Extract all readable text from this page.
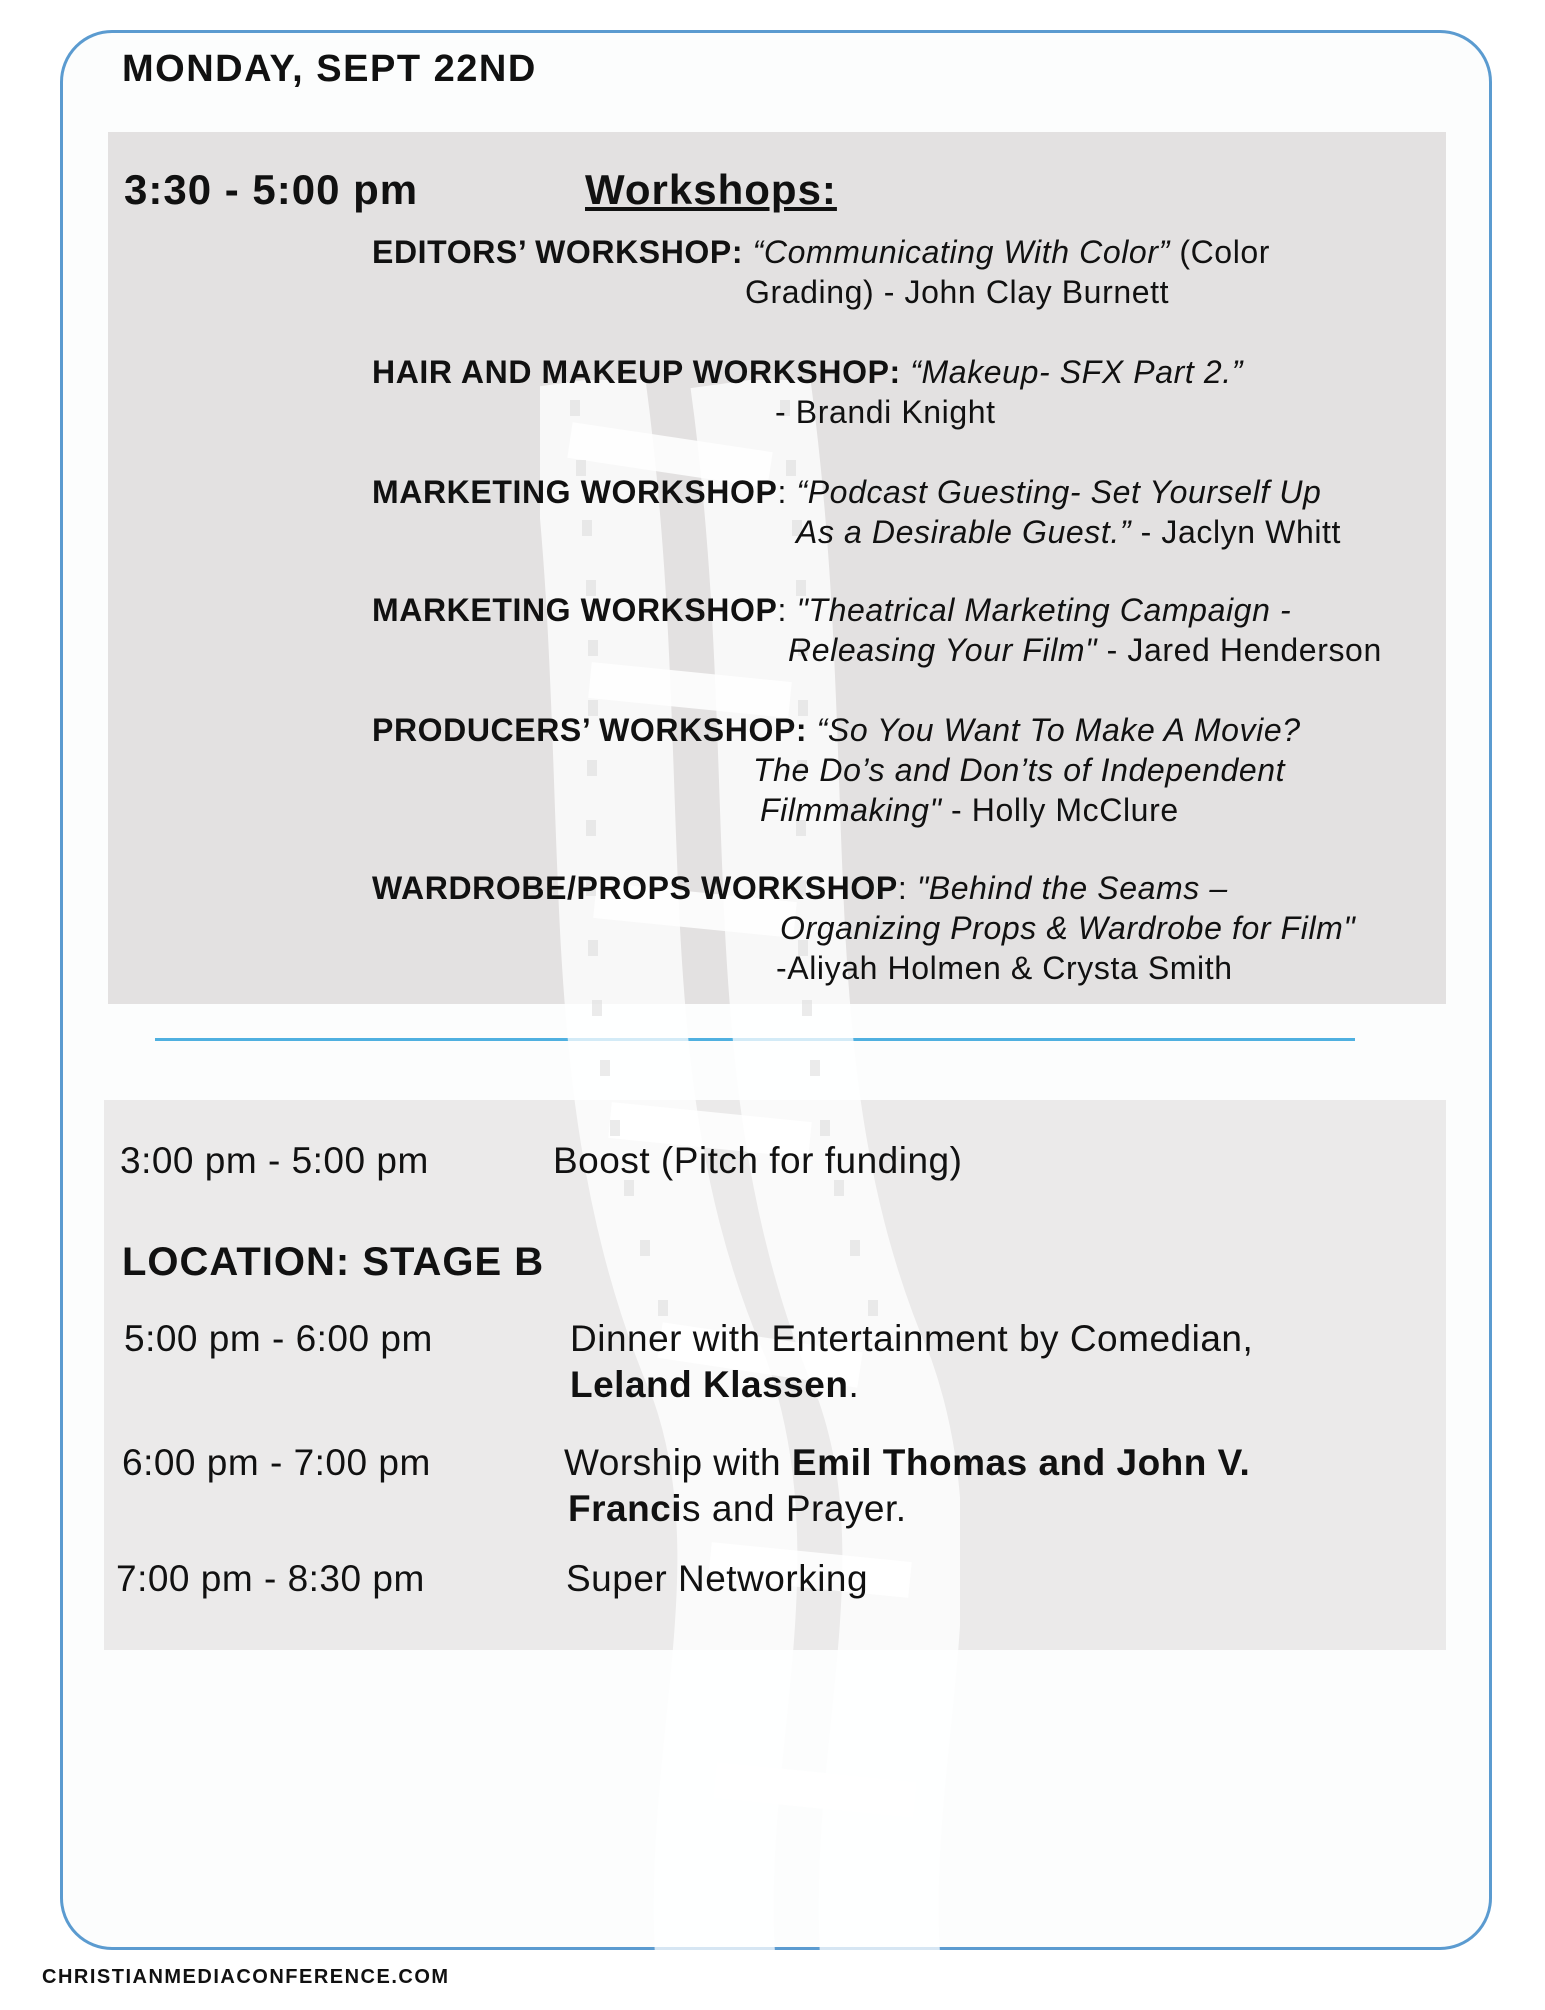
MONDAY, SEPT 22ND
3:30 - 5:00 pm	Workshops:
EDITORS’ WORKSHOP: “Communicating With Color” (Color
Grading) - John Clay Burnett
HAIR AND MAKEUP WORKSHOP: “Makeup- SFX Part 2.”
- Brandi Knight
MARKETING WORKSHOP: “Podcast Guesting- Set Yourself Up
As a Desirable Guest.” - Jaclyn Whitt
MARKETING WORKSHOP: "Theatrical Marketing Campaign -
Releasing Your Film" - Jared Henderson
PRODUCERS’ WORKSHOP: “So You Want To Make A Movie?
The Do’s and Don’ts of Independent
Filmmaking" - Holly McClure
WARDROBE/PROPS WORKSHOP: "Behind the Seams –
Organizing Props & Wardrobe for Film"
-Aliyah Holmen & Crysta Smith
3:00 pm - 5:00 pm	Boost (Pitch for funding)
LOCATION: STAGE B
5:00 pm - 6:00 pm	Dinner with Entertainment by Comedian,
Leland Klassen.
6:00 pm - 7:00 pm	Worship with Emil Thomas and John V.
Francis and Prayer.
7:00 pm - 8:30 pm	Super Networking
CHRISTIANMEDIACONFERENCE.COM
